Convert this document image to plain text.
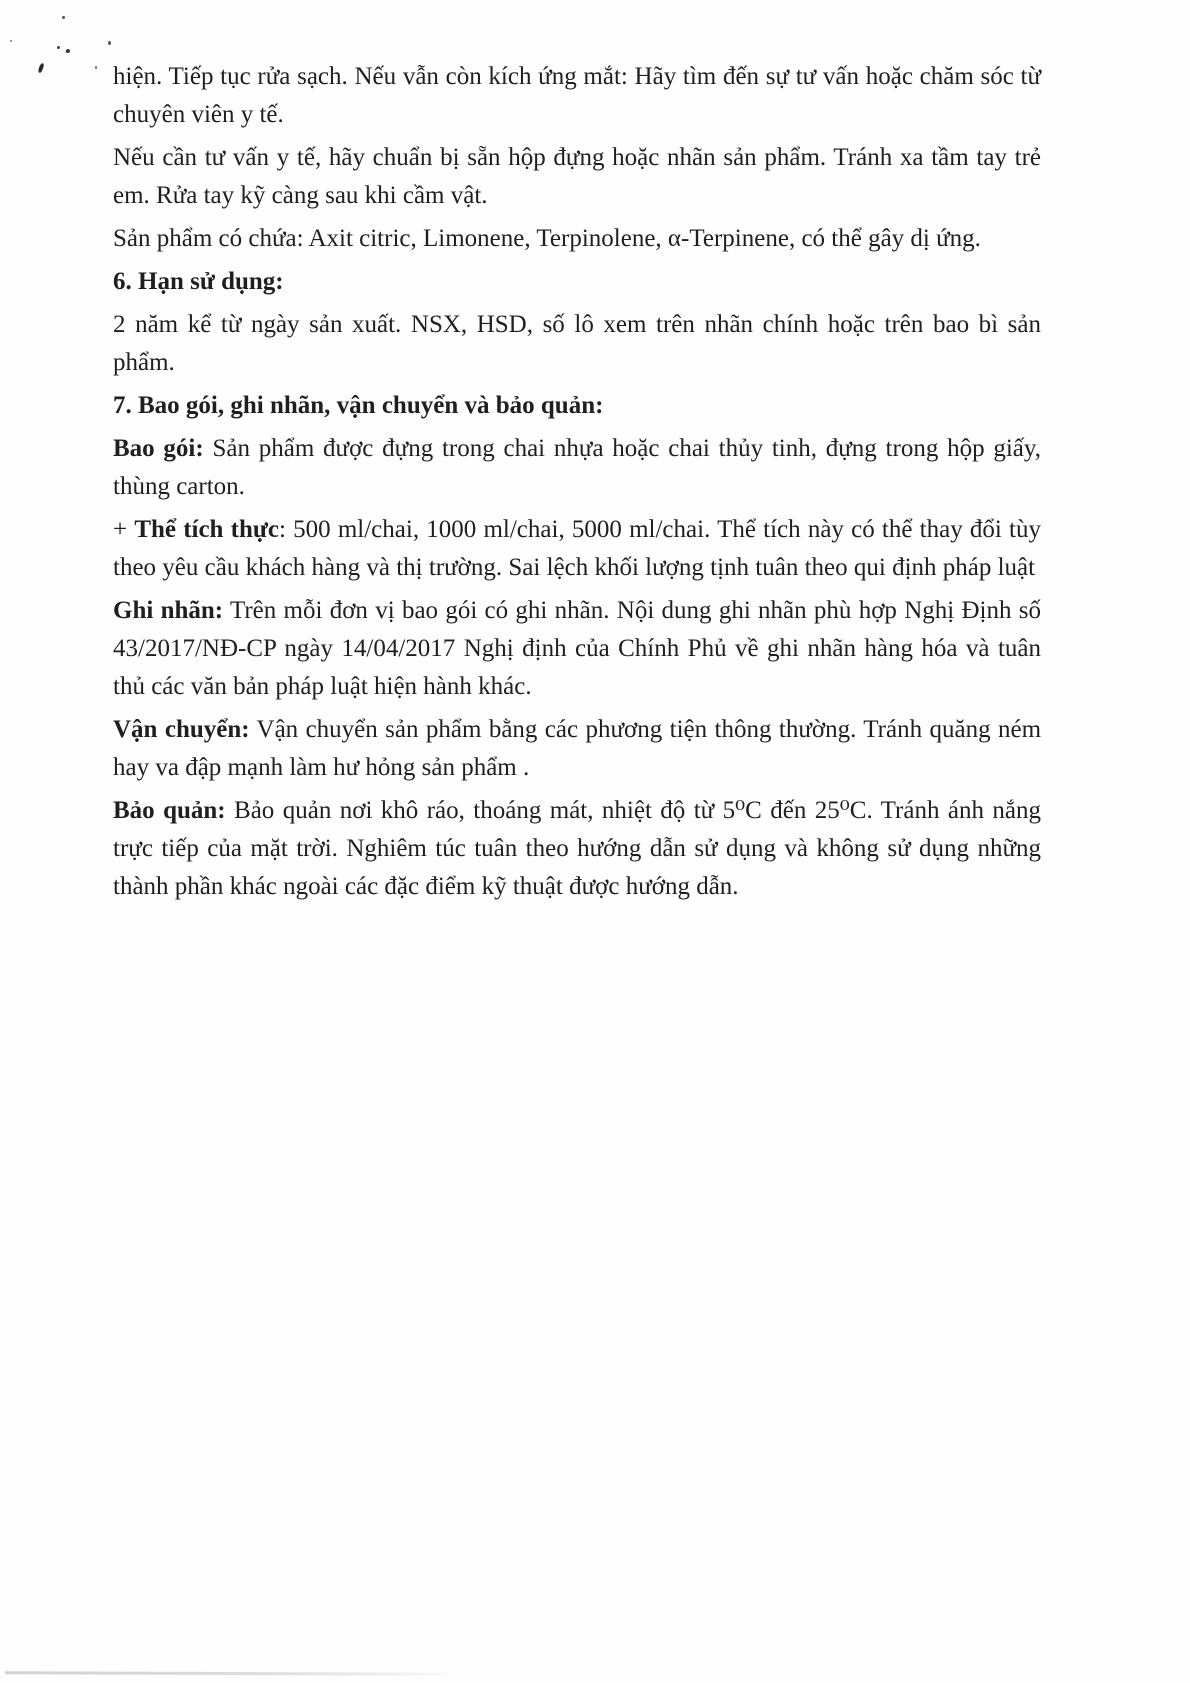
hiện. Tiếp tục rửa sạch. Nếu vẫn còn kích ứng mắt: Hãy tìm đến sự tư vấn hoặc chăm sóc từ chuyên viên y tế.

Nếu cần tư vấn y tế, hãy chuẩn bị sẵn hộp đựng hoặc nhãn sản phẩm. Tránh xa tầm tay trẻ em. Rửa tay kỹ càng sau khi cầm vật.

Sản phẩm có chứa: Axit citric, Limonene, Terpinolene, α-Terpinene, có thể gây dị ứng.

6. Hạn sử dụng:

2 năm kể từ ngày sản xuất. NSX, HSD, số lô xem trên nhãn chính hoặc trên bao bì sản phẩm.

7. Bao gói, ghi nhãn, vận chuyển và bảo quản:

Bao gói: Sản phẩm được đựng trong chai nhựa hoặc chai thủy tinh, đựng trong hộp giấy, thùng carton.

+ Thể tích thực: 500 ml/chai, 1000 ml/chai, 5000 ml/chai. Thể tích này có thể thay đổi tùy theo yêu cầu khách hàng và thị trường. Sai lệch khối lượng tịnh tuân theo qui định pháp luật

Ghi nhãn: Trên mỗi đơn vị bao gói có ghi nhãn. Nội dung ghi nhãn phù hợp Nghị Định số 43/2017/NĐ-CP ngày 14/04/2017 Nghị định của Chính Phủ về ghi nhãn hàng hóa và tuân thủ các văn bản pháp luật hiện hành khác.

Vận chuyển: Vận chuyển sản phẩm bằng các phương tiện thông thường. Tránh quăng ném hay va đập mạnh làm hư hỏng sản phẩm .

Bảo quản: Bảo quản nơi khô ráo, thoáng mát, nhiệt độ từ 5⁰C đến 25⁰C. Tránh ánh nắng trực tiếp của mặt trời. Nghiêm túc tuân theo hướng dẫn sử dụng và không sử dụng những thành phần khác ngoài các đặc điểm kỹ thuật được hướng dẫn.
